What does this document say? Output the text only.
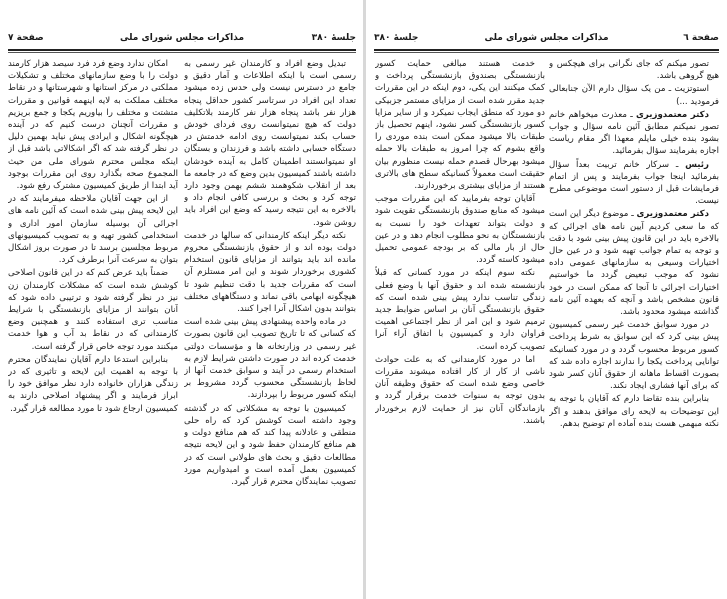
جلسهٔ ۳۸۰
مذاکرات مجلس شورای ملی
صفحة ۷

امکان ندارد وضع فرد فرد سیصد هزار کارمند دولت را با وضع سازمانهای مختلف و تشکیلات مملکتی در مرکز استانها و شهرستانها و در نقاط مختلف مملکت به لایه اینهمه قوانین و مقررات متشتت و مختلف را بیاوریم یکجا و جمع بریزیم و مقررات آنچنان درست کنیم که در آینده هیچگونه اشکال و ایرادی پیش نیاید بهمین دلیل در نظر گرفته شد که اگر اشکالاتی باشد قبل از اینکه مجلس محترم شورای ملی من حیث المجموع صحه بگذارد روی این مقررات بوجود آید ابتدا از طریق کمیسیون مشترک رفع شود.

از این جهت آقایان ملاحظه میفرمایند که در این لایحه پیش بینی شده است که آئین نامه های اجرائی آن بوسیله سازمان امور اداری و استخدامی کشور تهیه و به تصویب کمیسیونهای مربوط مجلسین برسد تا در صورت بروز اشکال بتوان به سرعت آنرا برطرف کرد.

ضمناً باید عرض کنم که در این قانون اصلاحی کوشش شده است که مشکلات کارمندان زن نیز در نظر گرفته شود و ترتیبی داده شود که آنان بتوانند از مزایای بازنشستگی با شرایط مناسب تری استفاده کنند و همچنین وضع کارمندانی که در نقاط بد آب و هوا خدمت میکنند مورد توجه خاص قرار گرفته است.

بنابراین استدعا دارم آقایان نمایندگان محترم با توجه به اهمیت این لایحه و تاثیری که در زندگی هزاران خانواده دارد نظر موافق خود را ابراز فرمایند و اگر پیشنهاد اصلاحی دارند به کمیسیون ارجاع شود تا مورد مطالعه قرار گیرد.

تبدیل وضع افراد و کارمندان غیر رسمی به رسمی است با اینکه اطلاعات و آمار دقیق و جامع در دسترس نیست ولی حدس زده میشود تعداد این افراد در سرتاسر کشور حداقل پنجاه هزار نفر باشد پنجاه هزار نفر کارمند بلاتکلیف دولت که هیچ نمیتوانست روی فردای خودش حساب بکند نمیتوانست روی ادامه خدمتش در دستگاه حسابی داشته باشد و فرزندان و بستگان او نمیتوانستند اطمینان کامل به آینده خودشان داشته باشند کمیسیون بدین وضع که در جامعه ما بعد از انقلاب شکوهمند ششم بهمن وجود دارد توجه کرد و بحث و بررسی کافی انجام داد و بالاخره به این نتیجه رسید که وضع این افراد باید روشن شود.

نکته دیگر اینکه کارمندانی که سالها در خدمت دولت بوده اند و از حقوق بازنشستگی محروم مانده اند باید بتوانند از مزایای قانون استخدام کشوری برخوردار شوند و این امر مستلزم آن است که مقررات جدید با دقت تنظیم شود تا هیچگونه ابهامی باقی نماند و دستگاههای مختلف بتوانند بدون اشکال آنرا اجرا کنند.

در ماده واحده پیشنهادی پیش بینی شده است که کسانی که تا تاریخ تصویب این قانون بصورت غیر رسمی در وزارتخانه ها و مؤسسات دولتی خدمت کرده اند در صورت داشتن شرایط لازم به استخدام رسمی در آیند و سوابق خدمت آنها از لحاظ بازنشستگی محسوب گردد مشروط بر اینکه کسور مربوط را بپردازند.

کمیسیون با توجه به مشکلاتی که در گذشته وجود داشته است کوشش کرد که راه حلی منطقی و عادلانه پیدا کند که هم منافع دولت و هم منافع کارمندان حفظ شود و این لایحه نتیجه مطالعات دقیق و بحث های طولانی است که در کمیسیون بعمل آمده است و امیدواریم مورد تصویب نمایندگان محترم قرار گیرد.

صفحة ٦
مذاکرات مجلس شورای ملی
جلسهٔ ۳۸۰

خدمت هستند مبالغی حمایت کسور بازنشستگی بصندوق بازنشستگی پرداخت و کمک میکنند این یکی، دوم اینکه در این مقررات جدید مقرر شده است از مزایای مستمر جزبیکی دو مورد که منطق ایجاب نمیکرد و از سایر مزایا کسور بازنشستگی کسر نشود، اینهم تحصیل باز طبقات بالا میشود ممکن است بنده موردی را واقع بشوم که چرا امروز به طبقات بالا حمله میشود بهرحال قصدم حمله نیست منظورم بیان حقیقت است معمولاً کسانیکه سطح های بالاتری هستند از مزایای بیشتری برخوردارند.

آقایان توجه بفرمایید که این مقررات موجب میشود که منابع صندوق بازنشستگی تقویت شود و دولت بتواند تعهدات خود را نسبت به بازنشستگان به نحو مطلوب انجام دهد و در عین حال از بار مالی که بر بودجه عمومی تحمیل میشود کاسته گردد.

نکته سوم اینکه در مورد کسانی که قبلاً بازنشسته شده اند و حقوق آنها با وضع فعلی زندگی تناسب ندارد پیش بینی شده است که حقوق بازنشستگی آنان بر اساس ضوابط جدید ترمیم شود و این امر از نظر اجتماعی اهمیت فراوان دارد و کمیسیون با اتفاق آراء آنرا تصویب کرده است.

اما در مورد کارمندانی که به علت حوادث ناشی از کار از کار افتاده میشوند مقررات خاصی وضع شده است که حقوق وظیفه آنان بدون توجه به سنوات خدمت برقرار گردد و بازماندگان آنان نیز از حمایت لازم برخوردار باشند.

تصور میکنم که جای نگرانی برای هیچکس و هیچ گروهی باشد.

استوتزیت ـ من یک سؤال دارم الآن جنابعالی فرمودید ...)

دکتر معتمدوزیری ـ معذرت میخواهم خانم تصور نمیکنم مطابق آئین نامه سؤال و جواب بشود بنده خیلی مایلم معهذا اگر مقام ریاست اجازه بفرمایند سؤال بفرمائید.

رئیس ـ سرکار خانم تربیت بعداً سؤال بفرمائید اینجا جواب بفرمایند و پس از اتمام فرمایشات قبل از دستور است موضوعی مطرح نیست.

دکتر معتمدوزیری ـ موضوع دیگر این است که ما سعی کردیم آیین نامه های اجرائی که بالاخره باید در این قانون پیش بینی شود با دقت و توجه به تمام جوانب تهیه شود و در عین حال اختیارات وسیعی به سازمانهای عمومی داده نشود که موجب تبعیض گردد ما خواستیم اختیارات اجرائی تا آنجا که ممکن است در خود قانون مشخص باشد و آنچه که بعهده آئین نامه گذاشته میشود محدود باشد.

در مورد سوابق خدمت غیر رسمی کمیسیون پیش بینی کرد که این سوابق به شرط پرداخت کسور مربوط محسوب گردد و در مورد کسانیکه توانایی پرداخت یکجا را ندارند اجازه داده شد که بصورت اقساط ماهانه از حقوق آنان کسر شود که برای آنها فشاری ایجاد نکند.

بنابراین بنده تقاضا دارم که آقایان با توجه به این توضیحات به لایحه رای موافق بدهند و اگر نکته مبهمی هست بنده آماده ام توضیح بدهم.
